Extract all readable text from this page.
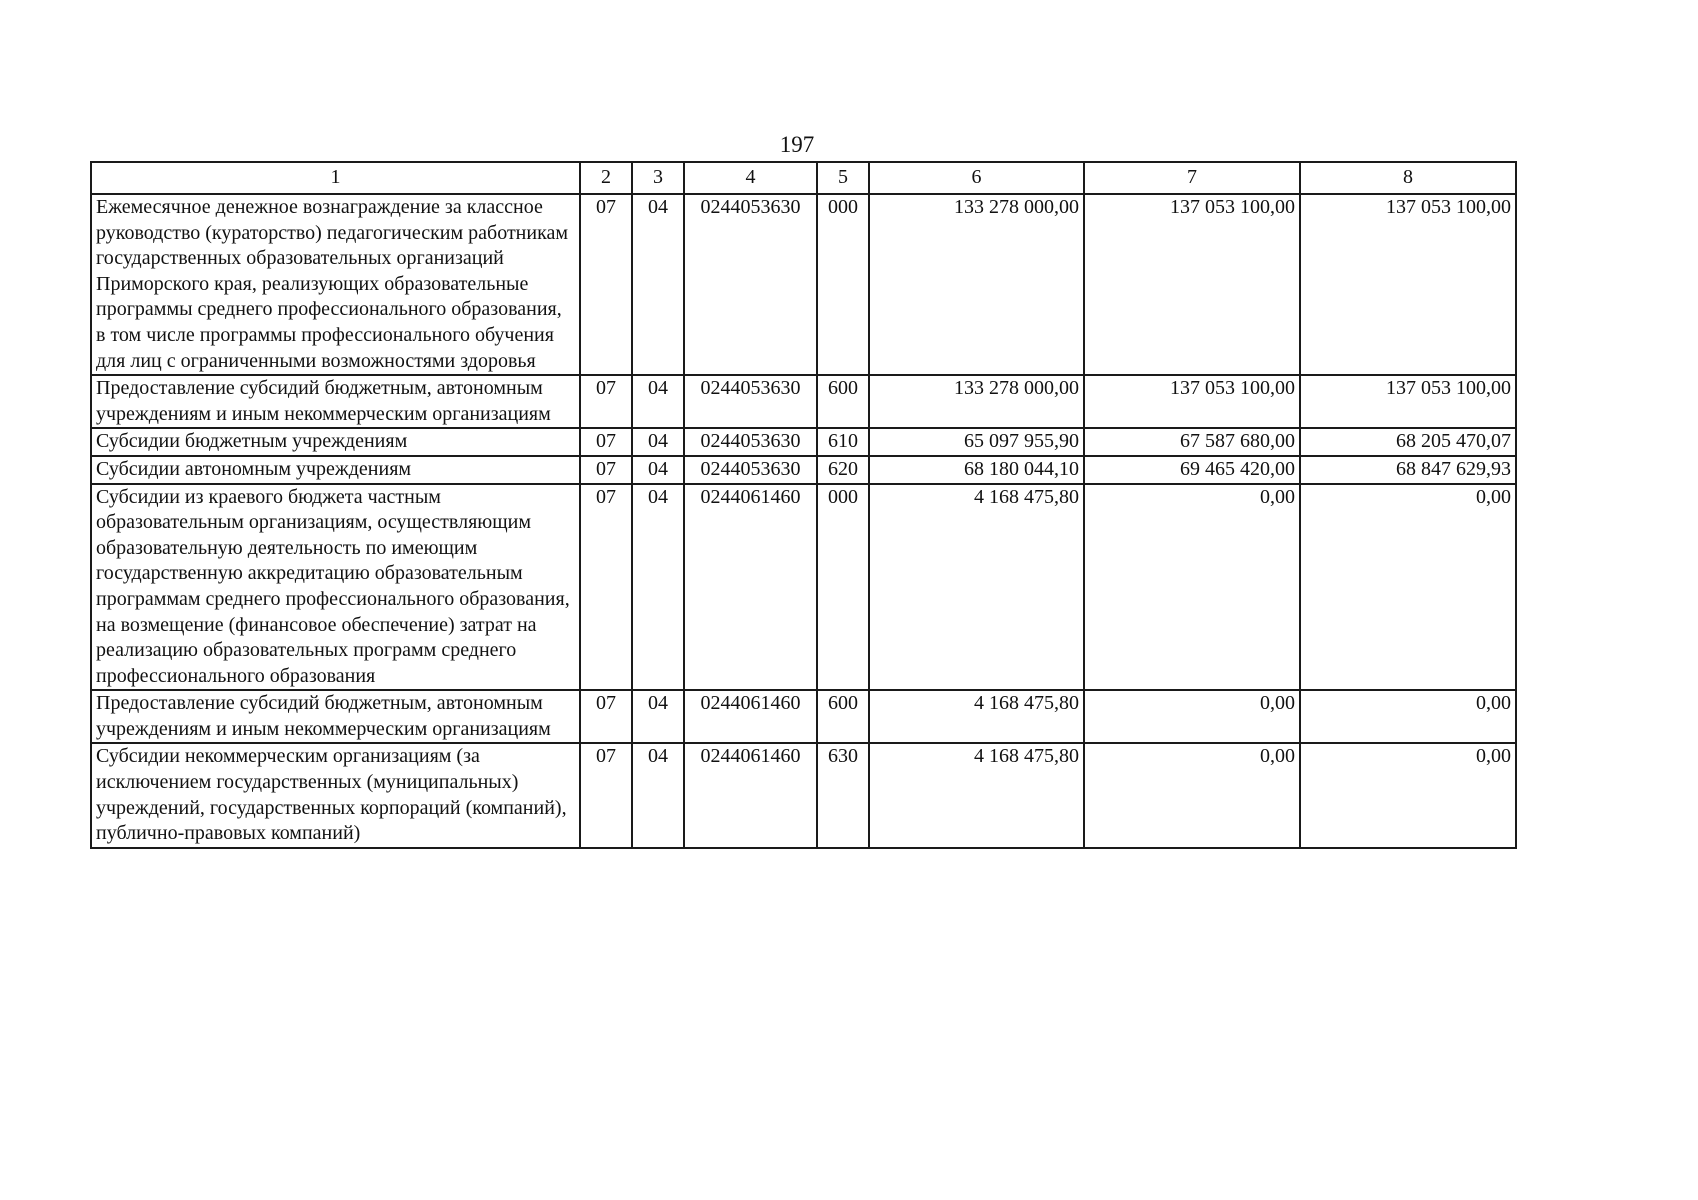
197
1	2	3	4	5	6	7	8
Ежемесячное денежное вознаграждение за классное руководство (кураторство) педагогическим работникам государственных образовательных организаций Приморского края, реализующих образовательные программы среднего профессионального образования, в том числе программы профессионального обучения для лиц с ограниченными возможностями здоровья	07	04	0244053630	000	133 278 000,00	137 053 100,00	137 053 100,00
Предоставление субсидий бюджетным, автономным учреждениям и иным некоммерческим организациям	07	04	0244053630	600	133 278 000,00	137 053 100,00	137 053 100,00
Субсидии бюджетным учреждениям	07	04	0244053630	610	65 097 955,90	67 587 680,00	68 205 470,07
Субсидии автономным учреждениям	07	04	0244053630	620	68 180 044,10	69 465 420,00	68 847 629,93
Субсидии из краевого бюджета частным образовательным организациям, осуществляющим образовательную деятельность по имеющим государственную аккредитацию образовательным программам среднего профессионального образования, на возмещение (финансовое обеспечение) затрат на реализацию образовательных программ среднего профессионального образования	07	04	0244061460	000	4 168 475,80	0,00	0,00
Предоставление субсидий бюджетным, автономным учреждениям и иным некоммерческим организациям	07	04	0244061460	600	4 168 475,80	0,00	0,00
Субсидии некоммерческим организациям (за исключением государственных (муниципальных) учреждений, государственных корпораций (компаний), публично-правовых компаний)	07	04	0244061460	630	4 168 475,80	0,00	0,00
